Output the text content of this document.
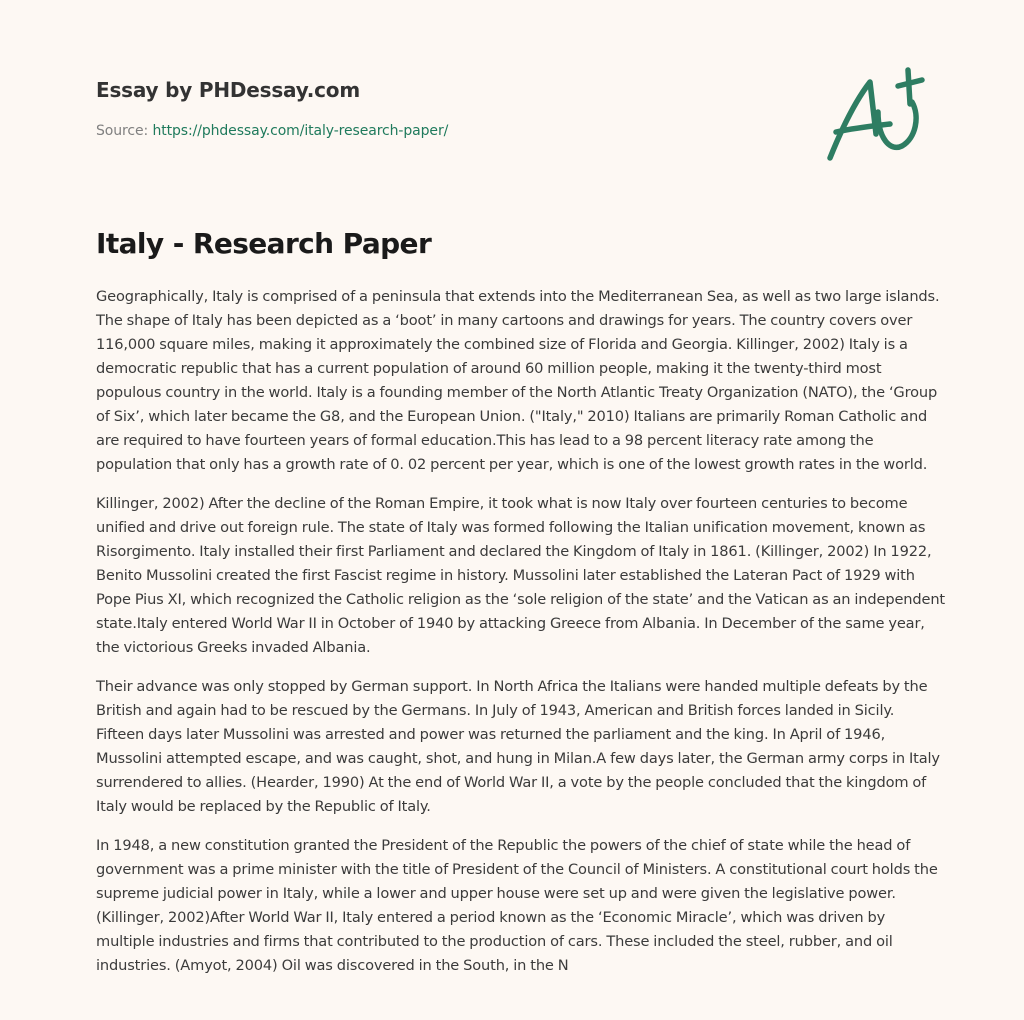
Essay by PHDessay.com
Source: https://phdessay.com/italy-research-paper/
Italy - Research Paper

Geographically, Italy is comprised of a peninsula that extends into the Mediterranean Sea, as well as two large islands. The shape of Italy has been depicted as a ‘boot’ in many cartoons and drawings for years. The country covers over 116,000 square miles, making it approximately the combined size of Florida and Georgia. Killinger, 2002) Italy is a democratic republic that has a current population of around 60 million people, making it the twenty-third most populous country in the world. Italy is a founding member of the North Atlantic Treaty Organization (NATO), the ‘Group of Six’, which later became the G8, and the European Union. ("Italy," 2010) Italians are primarily Roman Catholic and are required to have fourteen years of formal education.This has lead to a 98 percent literacy rate among the population that only has a growth rate of 0. 02 percent per year, which is one of the lowest growth rates in the world.

Killinger, 2002) After the decline of the Roman Empire, it took what is now Italy over fourteen centuries to become unified and drive out foreign rule. The state of Italy was formed following the Italian unification movement, known as Risorgimento. Italy installed their first Parliament and declared the Kingdom of Italy in 1861. (Killinger, 2002) In 1922, Benito Mussolini created the first Fascist regime in history. Mussolini later established the Lateran Pact of 1929 with Pope Pius XI, which recognized the Catholic religion as the ‘sole religion of the state’ and the Vatican as an independent state.Italy entered World War II in October of 1940 by attacking Greece from Albania. In December of the same year, the victorious Greeks invaded Albania.

Their advance was only stopped by German support. In North Africa the Italians were handed multiple defeats by the British and again had to be rescued by the Germans. In July of 1943, American and British forces landed in Sicily. Fifteen days later Mussolini was arrested and power was returned the parliament and the king. In April of 1946, Mussolini attempted escape, and was caught, shot, and hung in Milan.A few days later, the German army corps in Italy surrendered to allies. (Hearder, 1990) At the end of World War II, a vote by the people concluded that the kingdom of Italy would be replaced by the Republic of Italy.

In 1948, a new constitution granted the President of the Republic the powers of the chief of state while the head of government was a prime minister with the title of President of the Council of Ministers. A constitutional court holds the supreme judicial power in Italy, while a lower and upper house were set up and were given the legislative power. (Killinger, 2002)After World War II, Italy entered a period known as the ‘Economic Miracle’, which was driven by multiple industries and firms that contributed to the production of cars. These included the steel, rubber, and oil industries. (Amyot, 2004) Oil was discovered in the South, in the N
